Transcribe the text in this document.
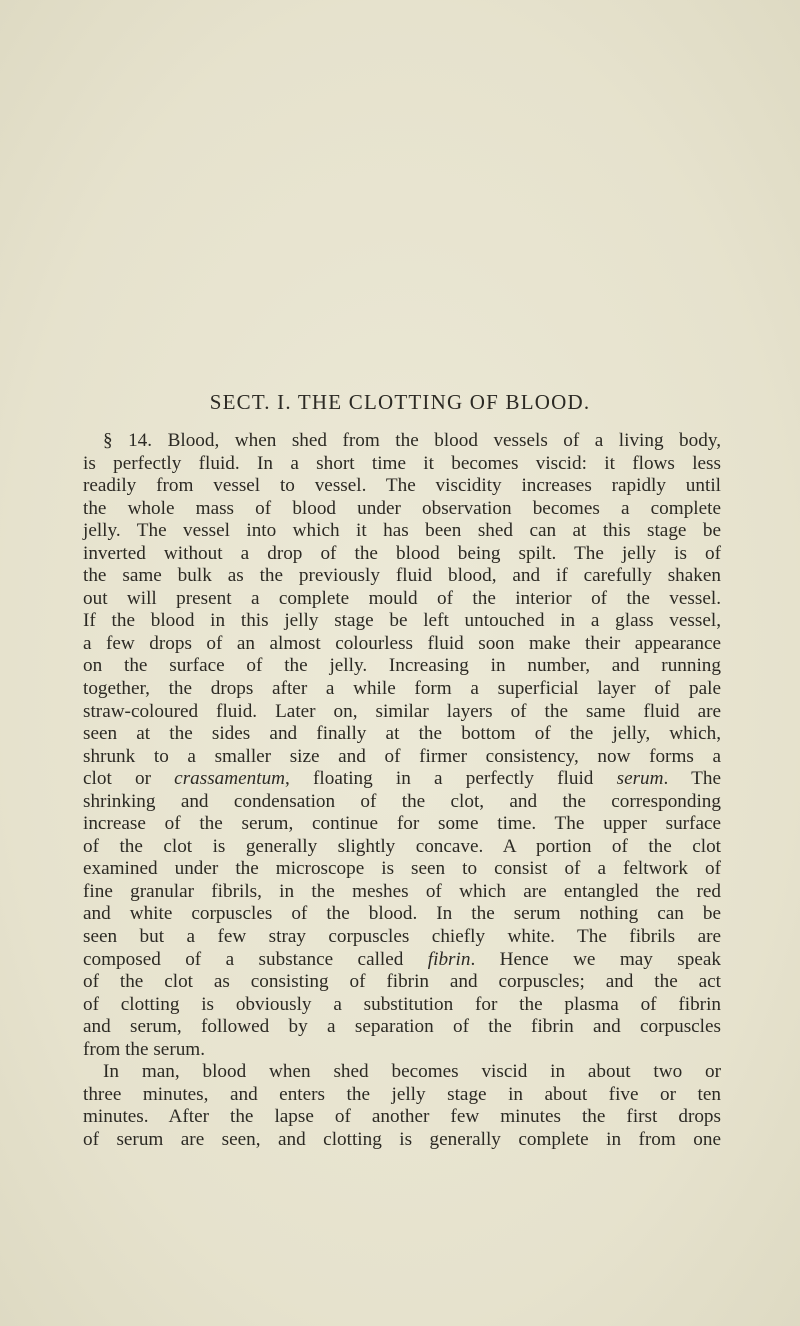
SECT. I. THE CLOTTING OF BLOOD.
§ 14. Blood, when shed from the blood vessels of a living body,
is perfectly fluid. In a short time it becomes viscid: it flows less
readily from vessel to vessel. The viscidity increases rapidly until
the whole mass of blood under observation becomes a complete
jelly. The vessel into which it has been shed can at this stage be
inverted without a drop of the blood being spilt. The jelly is of
the same bulk as the previously fluid blood, and if carefully shaken
out will present a complete mould of the interior of the vessel.
If the blood in this jelly stage be left untouched in a glass vessel,
a few drops of an almost colourless fluid soon make their appearance
on the surface of the jelly. Increasing in number, and running
together, the drops after a while form a superficial layer of pale
straw-coloured fluid. Later on, similar layers of the same fluid are
seen at the sides and finally at the bottom of the jelly, which,
shrunk to a smaller size and of firmer consistency, now forms a
clot or crassamentum, floating in a perfectly fluid serum. The
shrinking and condensation of the clot, and the corresponding
increase of the serum, continue for some time. The upper surface
of the clot is generally slightly concave. A portion of the clot
examined under the microscope is seen to consist of a feltwork of
fine granular fibrils, in the meshes of which are entangled the red
and white corpuscles of the blood. In the serum nothing can be
seen but a few stray corpuscles chiefly white. The fibrils are
composed of a substance called fibrin. Hence we may speak
of the clot as consisting of fibrin and corpuscles; and the act
of clotting is obviously a substitution for the plasma of fibrin
and serum, followed by a separation of the fibrin and corpuscles
from the serum.
In man, blood when shed becomes viscid in about two or
three minutes, and enters the jelly stage in about five or ten
minutes. After the lapse of another few minutes the first drops
of serum are seen, and clotting is generally complete in from one
